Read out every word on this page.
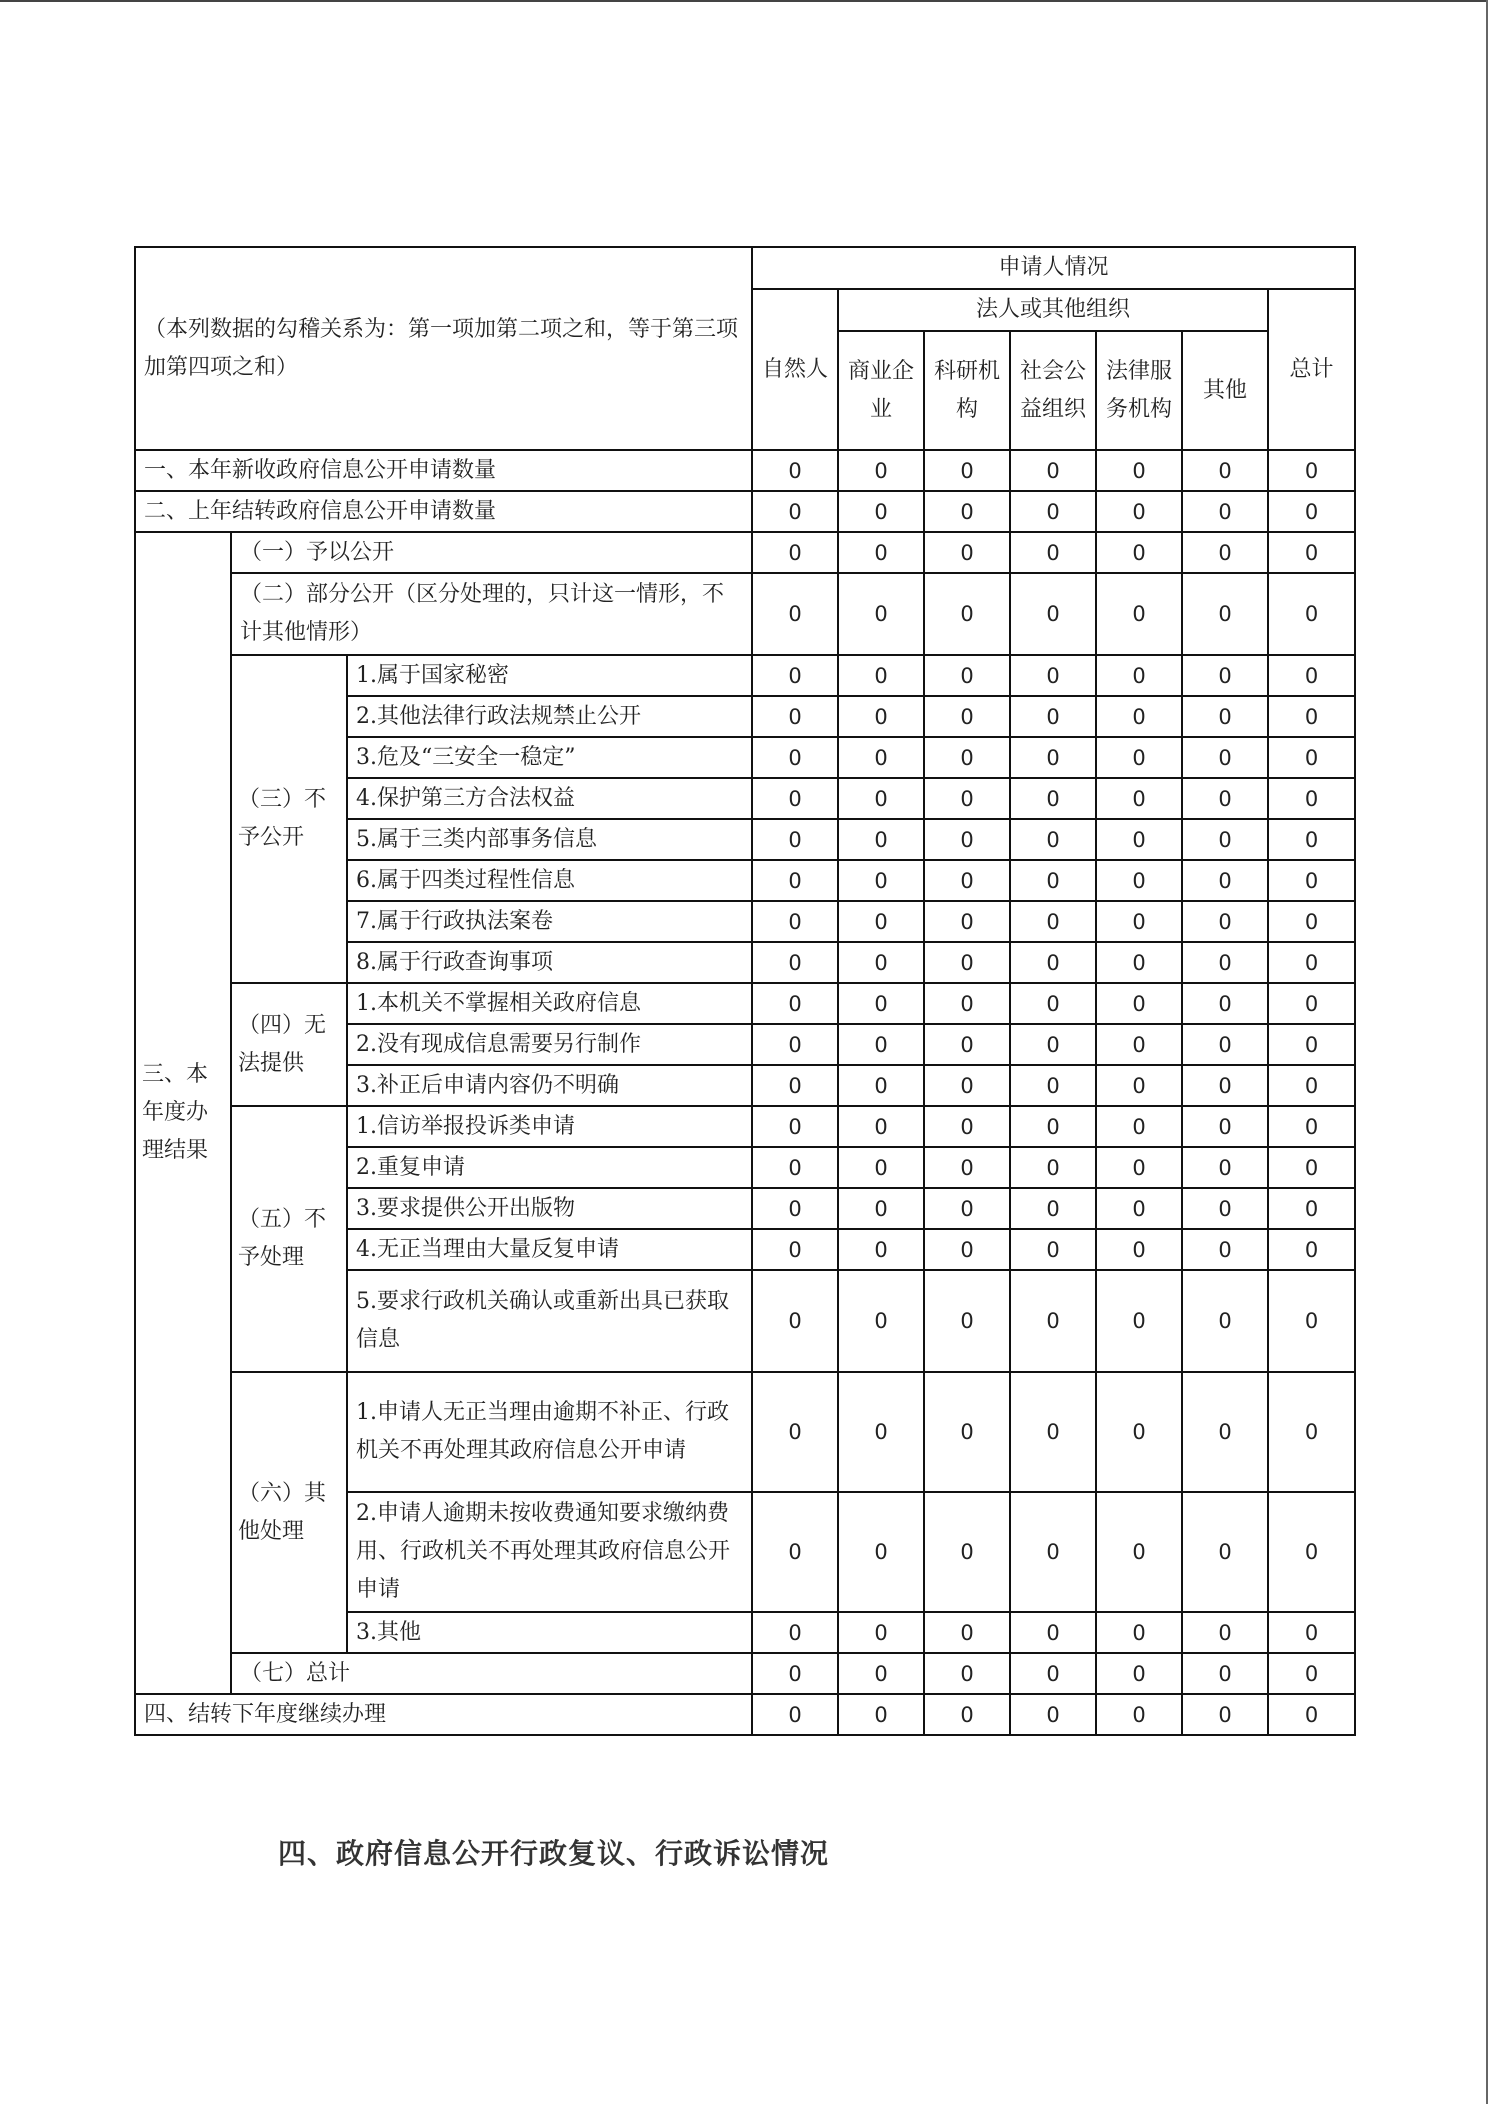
（本列数据的勾稽关系为：第一项加第二项之和，等于第三项加第四项之和）			申请人情况						
			自然人	法人或其他组织					总计
				商业企业	科研机构	社会公益组织	法律服务机构	其他	
一、本年新收政府信息公开申请数量			0	0	0	0	0	0	0
二、上年结转政府信息公开申请数量			0	0	0	0	0	0	0
三、本年度办理结果	（一）予以公开		0	0	0	0	0	0	0
	（二）部分公开（区分处理的，只计这一情形，不计其他情形）		0	0	0	0	0	0	0
	（三）不予公开	1.属于国家秘密	0	0	0	0	0	0	0
		2.其他法律行政法规禁止公开	0	0	0	0	0	0	0
		3.危及“三安全一稳定”	0	0	0	0	0	0	0
		4.保护第三方合法权益	0	0	0	0	0	0	0
		5.属于三类内部事务信息	0	0	0	0	0	0	0
		6.属于四类过程性信息	0	0	0	0	0	0	0
		7.属于行政执法案卷	0	0	0	0	0	0	0
		8.属于行政查询事项	0	0	0	0	0	0	0
	（四）无法提供	1.本机关不掌握相关政府信息	0	0	0	0	0	0	0
		2.没有现成信息需要另行制作	0	0	0	0	0	0	0
		3.补正后申请内容仍不明确	0	0	0	0	0	0	0
	（五）不予处理	1.信访举报投诉类申请	0	0	0	0	0	0	0
		2.重复申请	0	0	0	0	0	0	0
		3.要求提供公开出版物	0	0	0	0	0	0	0
		4.无正当理由大量反复申请	0	0	0	0	0	0	0
		5.要求行政机关确认或重新出具已获取信息	0	0	0	0	0	0	0
	（六）其他处理	1.申请人无正当理由逾期不补正、行政机关不再处理其政府信息公开申请	0	0	0	0	0	0	0
		2.申请人逾期未按收费通知要求缴纳费用、行政机关不再处理其政府信息公开申请	0	0	0	0	0	0	0
		3.其他	0	0	0	0	0	0	0
	（七）总计		0	0	0	0	0	0	0
四、结转下年度继续办理			0	0	0	0	0	0	0
四、政府信息公开行政复议、行政诉讼情况
